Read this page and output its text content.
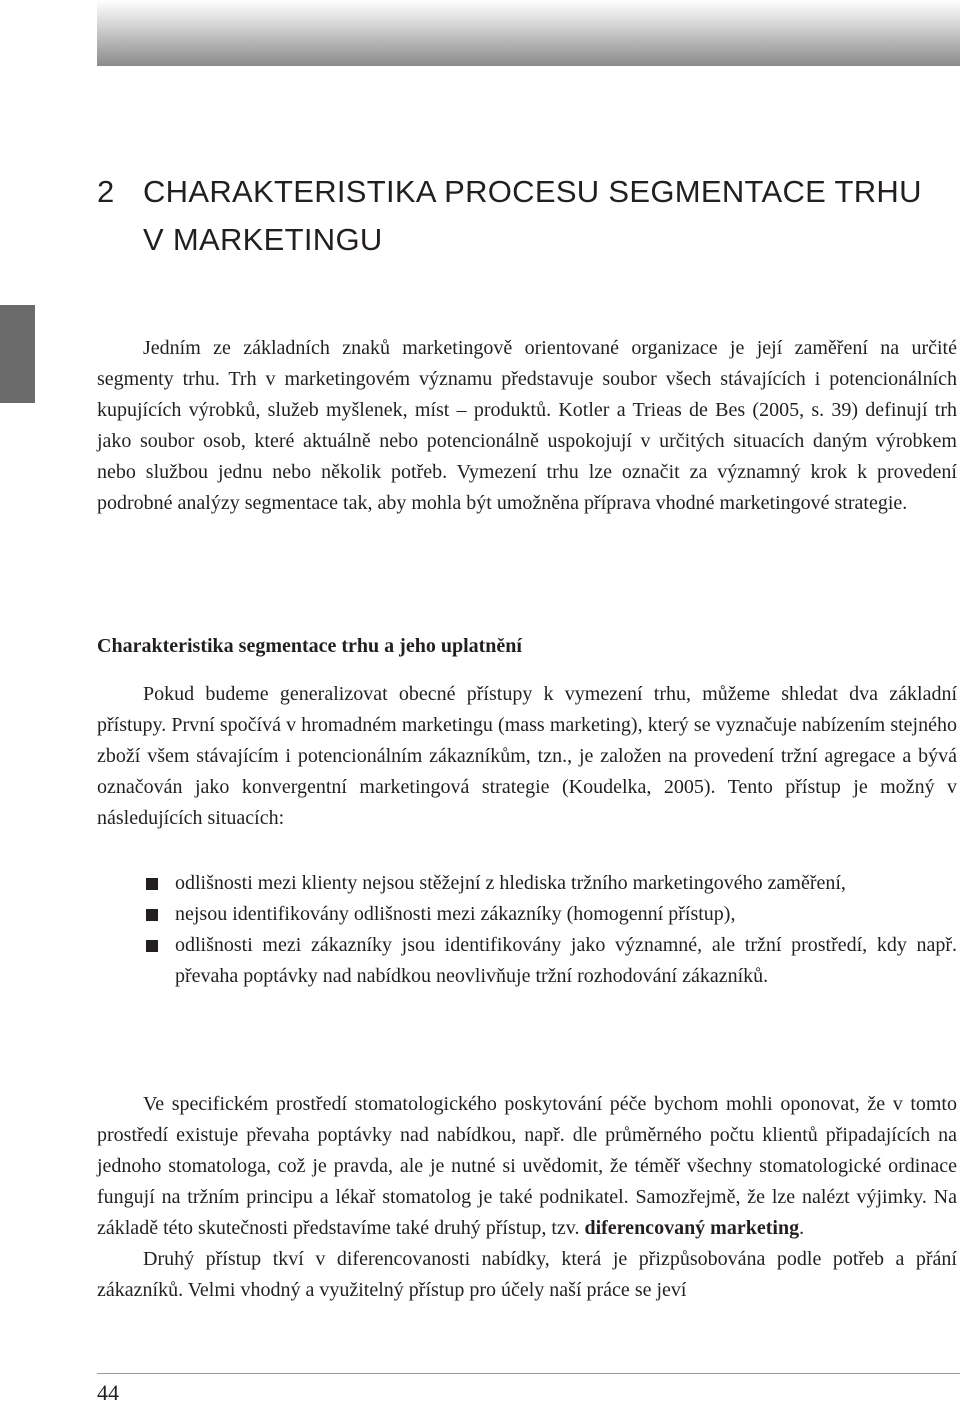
2 CHARAKTERISTIKA PROCESU SEGMENTACE TRHU
V MARKETINGU

Jedním ze základních znaků marketingově orientované organizace je její zaměření na určité segmenty trhu. Trh v marketingovém významu představuje soubor všech stávajících i potencionálních kupujících výrobků, služeb myšlenek, míst – produktů. Kotler a Trieas de Bes (2005, s. 39) definují trh jako soubor osob, které aktuálně nebo potencionálně uspokojují v určitých situacích daným výrobkem nebo službou jednu nebo několik potřeb. Vymezení trhu lze označit za významný krok k provedení podrobné analýzy segmentace tak, aby mohla být umožněna příprava vhodné marketingové strategie.

Charakteristika segmentace trhu a jeho uplatnění

Pokud budeme generalizovat obecné přístupy k vymezení trhu, můžeme shledat dva základní přístupy. První spočívá v hromadném marketingu (mass marketing), který se vyznačuje nabízením stejného zboží všem stávajícím i potencionálním zákazníkům, tzn., je založen na provedení tržní agregace a bývá označován jako konvergentní marketingová strategie (Koudelka, 2005). Tento přístup je možný v následujících situacích:

odlišnosti mezi klienty nejsou stěžejní z hlediska tržního marketingového zaměření,
nejsou identifikovány odlišnosti mezi zákazníky (homogenní přístup),
odlišnosti mezi zákazníky jsou identifikovány jako významné, ale tržní prostředí, kdy např. převaha poptávky nad nabídkou neovlivňuje tržní rozhodování zákazníků.

Ve specifickém prostředí stomatologického poskytování péče bychom mohli oponovat, že v tomto prostředí existuje převaha poptávky nad nabídkou, např. dle průměrného počtu klientů připadajících na jednoho stomatologa, což je pravda, ale je nutné si uvědomit, že téměř všechny stomatologické ordinace fungují na tržním principu a lékař stomatolog je také podnikatel. Samozřejmě, že lze nalézt výjimky. Na základě této skutečnosti představíme také druhý přístup, tzv. diferencovaný marketing.

Druhý přístup tkví v diferencovanosti nabídky, která je přizpůsobována podle potřeb a přání zákazníků. Velmi vhodný a využitelný přístup pro účely naší práce se jeví

44
